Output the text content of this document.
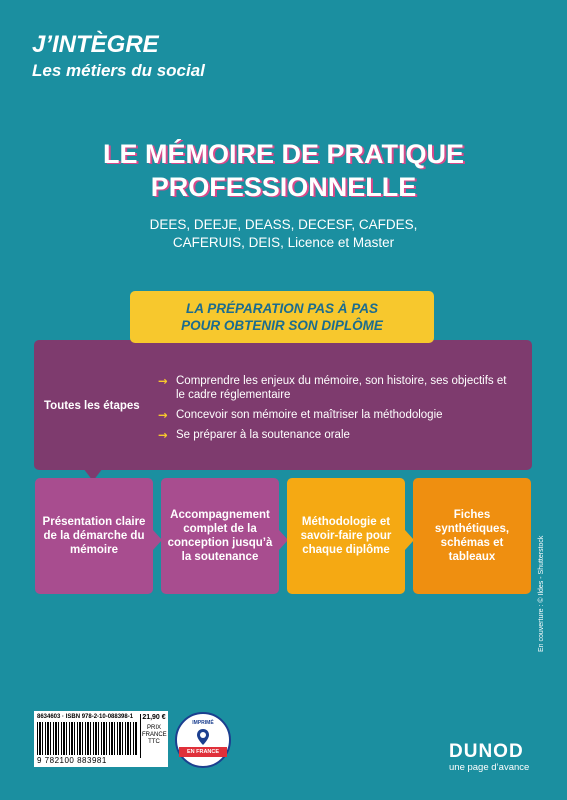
J’INTÈGRE
Les métiers du social
LE MÉMOIRE DE PRATIQUE
PROFESSIONNELLE
DEES, DEEJE, DEASS, DECESF, CAFDES,
CAFERUIS, DEIS, Licence et Master
Toutes les étapes
→ Comprendre les enjeux du mémoire, son histoire, ses objectifs et le cadre réglementaire
→ Concevoir son mémoire et maîtriser la méthodologie
→ Se préparer à la soutenance orale
LA PRÉPARATION PAS À PAS
POUR OBTENIR SON DIPLÔME
Présentation claire de la démarche du mémoire
Accompagnement complet de la conception jusqu’à la soutenance
Méthodologie et savoir-faire pour chaque diplôme
Fiches synthétiques, schémas et tableaux	En couverture : © Ildes - Shutterstock
8634603 · ISBN 978-2-10-088398-1
9 782100 883981
21,90 €
PRIX
FRANCE
TTC
IMPRIMÉ
EN FRANCE	DUNOD
une page d’avance
